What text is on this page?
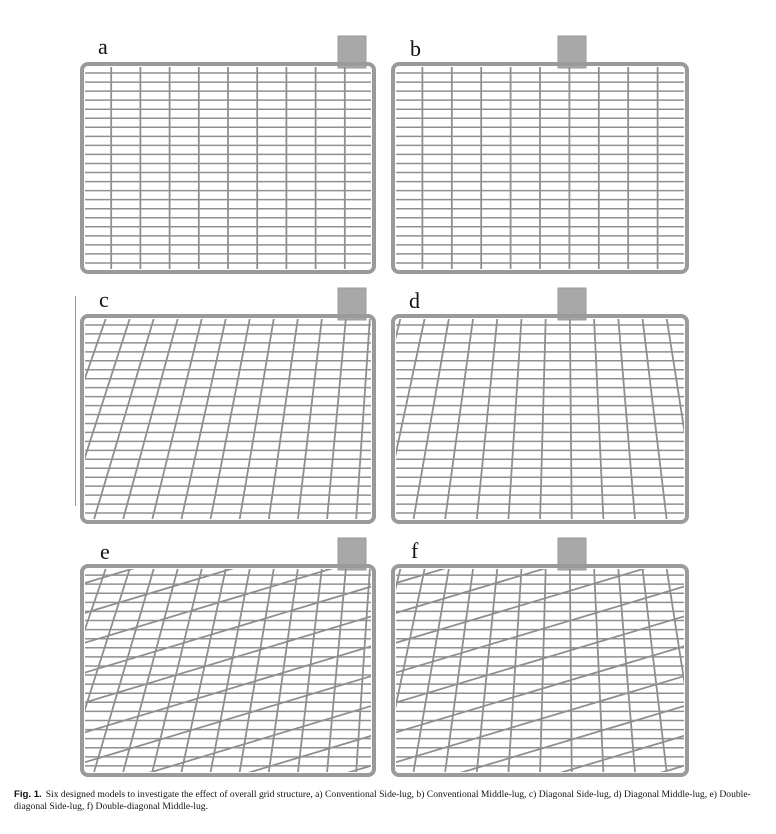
a	b
c	d
e	f
Fig. 1. Six designed models to investigate the effect of overall grid structure, a) Conventional Side-lug, b) Conventional Middle-lug, c) Diagonal Side-lug, d) Diagonal Middle-lug, e) Double-diagonal Side-lug, f) Double-diagonal Middle-lug.
